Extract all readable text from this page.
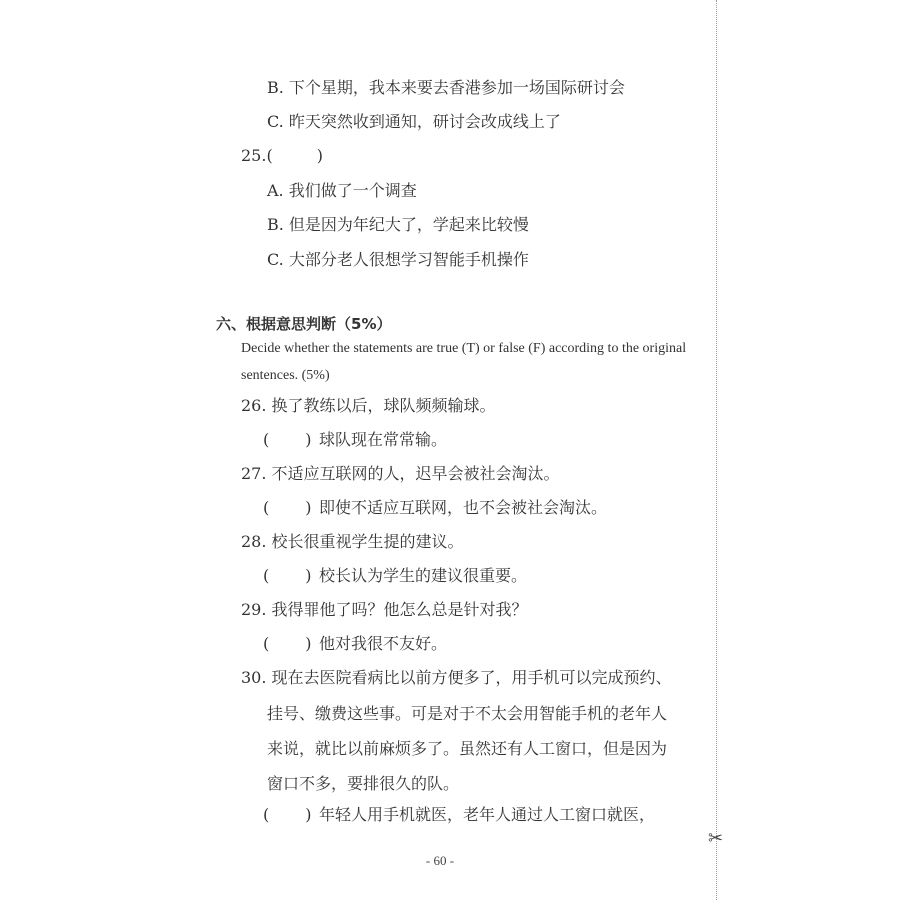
B. 下个星期，我本来要去香港参加一场国际研讨会
C. 昨天突然收到通知，研讨会改成线上了
25.(	)
A. 我们做了一个调查
B. 但是因为年纪大了，学起来比较慢
C. 大部分老人很想学习智能手机操作
六、根据意思判断（5%）
Decide whether the statements are true (T) or false (F) according to the original
sentences. (5%)
26. 换了教练以后，球队频频输球。
( ) 球队现在常常输。
27. 不适应互联网的人，迟早会被社会淘汰。
( ) 即使不适应互联网，也不会被社会淘汰。
28. 校长很重视学生提的建议。
( ) 校长认为学生的建议很重要。
29. 我得罪他了吗？他怎么总是针对我？
( ) 他对我很不友好。
30. 现在去医院看病比以前方便多了，用手机可以完成预约、
挂号、缴费这些事。可是对于不太会用智能手机的老年人
来说，就比以前麻烦多了。虽然还有人工窗口，但是因为
窗口不多，要排很久的队。
( ) 年轻人用手机就医，老年人通过人工窗口就医，
✂
- 60 -
